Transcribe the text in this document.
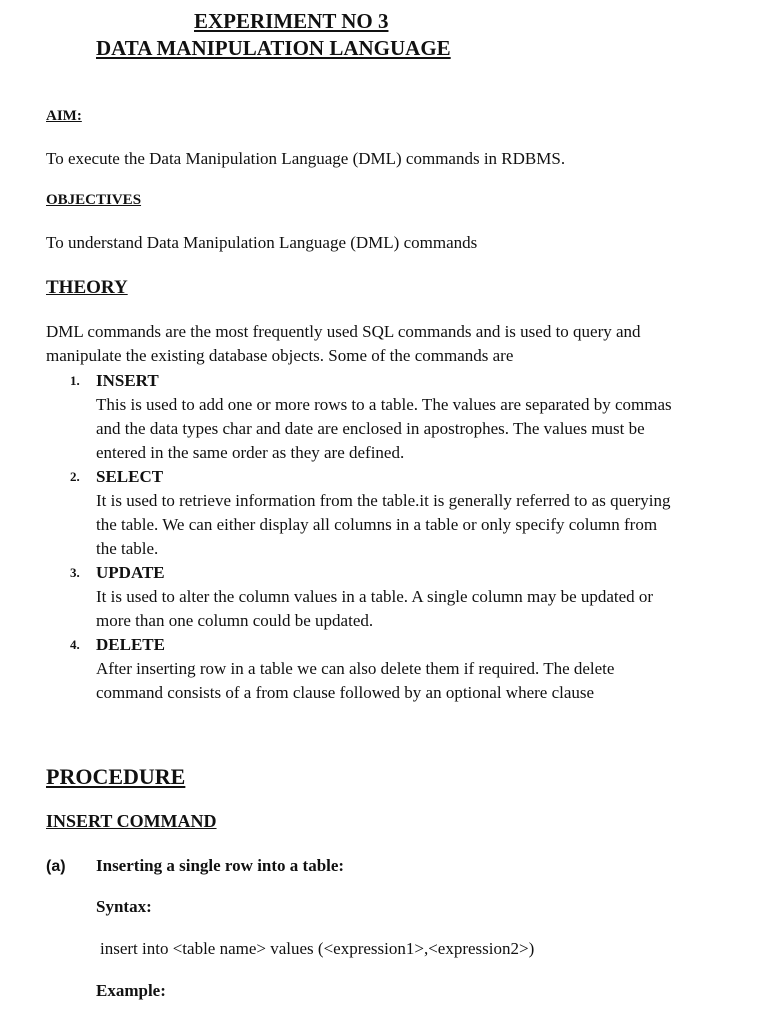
EXPERIMENT NO 3
DATA MANIPULATION LANGUAGE
AIM:
To execute the Data Manipulation Language (DML) commands in RDBMS.
OBJECTIVES
To understand Data Manipulation Language (DML) commands
THEORY
DML commands are the most frequently used SQL commands and is used to query and manipulate the existing database objects. Some of the commands are
1. INSERT
This is used to add one or more rows to a table. The values are separated by commas and the data types char and date are enclosed in apostrophes. The values must be entered in the same order as they are defined.
2. SELECT
It is used to retrieve information from the table.it is generally referred to as querying the table. We can either display all columns in a table or only specify column from the table.
3. UPDATE
It is used to alter the column values in a table. A single column may be updated or more than one column could be updated.
4. DELETE
After inserting row in a table we can also delete them if required. The delete command consists of a from clause followed by an optional where clause
PROCEDURE
INSERT COMMAND
(a) Inserting a single row into a table:
Syntax:
insert into <table name> values (<expression1>,<expression2>)
Example:
